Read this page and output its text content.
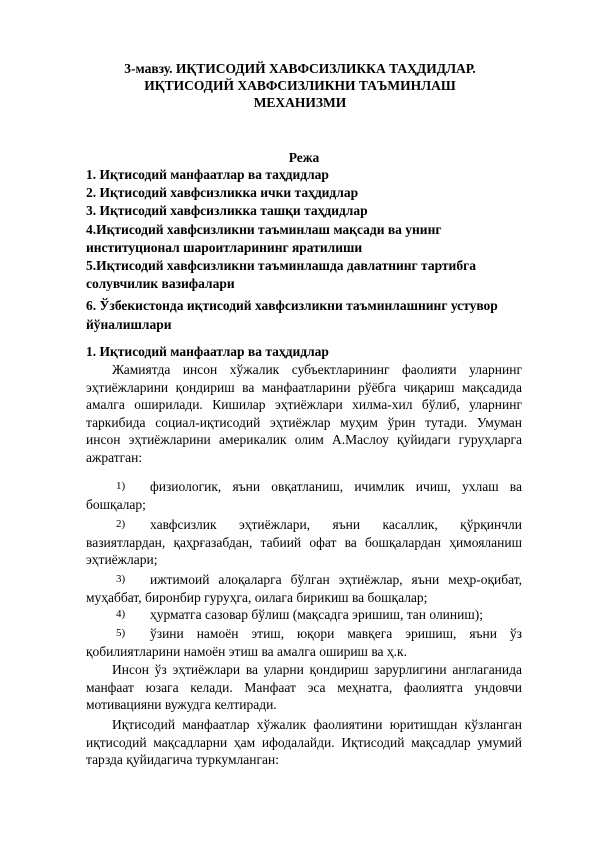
3-мавзу. ИҚТИСОДИЙ ХАВФСИЗЛИККА ТАҲДИДЛАР.
ИҚТИСОДИЙ ХАВФСИЗЛИКНИ ТАЪМИНЛАШ
МЕХАНИЗМИ
Режа
1. Иқтисодий манфаатлар ва таҳдидлар
2. Иқтисодий хавфсизликка ички таҳдидлар
3. Иқтисодий хавфсизликка ташқи таҳдидлар
4.Иқтисодий хавфсизликни таъминлаш мақсади ва унинг институционал шароитларининг яратилиши
5.Иқтисодий хавфсизликни таъминлашда давлатнинг тартибга солувчилик вазифалари
6. Ўзбекистонда иқтисодий хавфсизликни таъминлашнинг устувор йўналишлари
1. Иқтисодий манфаатлар ва таҳдидлар
Жамиятда инсон хўжалик субъектларининг фаолияти уларнинг эҳтиёжларини қондириш ва манфаатларини рўёбга чиқариш мақсадида амалга оширилади. Кишилар эҳтиёжлари хилма-хил бўлиб, уларнинг таркибида социал-иқтисодий эҳтиёжлар муҳим ўрин тутади. Умуман инсон эҳтиёжларини америкалик олим А.Маслоу қуйидаги гуруҳларга ажратган:
1)	физиологик, яъни овқатланиш, ичимлик ичиш, ухлаш ва бошқалар;
2)	хавфсизлик эҳтиёжлари, яъни касаллик, қўрқинчли вазиятлардан, қаҳрғазабдан, табиий офат ва бошқалардан ҳимояланиш эҳтиёжлари;
3)	ижтимоий алоқаларга бўлган эҳтиёжлар, яъни меҳр-оқибат, муҳаббат, биронбир гуруҳга, оилага бирикиш ва бошқалар;
4)	ҳурматга сазовар бўлиш (мақсадга эришиш, тан олиниш);
5)	ўзини намоён этиш, юқори мавқега эришиш, яъни ўз қобилиятларини намоён этиш ва амалга ошириш ва ҳ.к.
Инсон ўз эҳтиёжлари ва уларни қондириш зарурлигини англаганида манфаат юзага келади. Манфаат эса меҳнатга, фаолиятга ундовчи мотивацияни вужудга келтиради.
Иқтисодий манфаатлар хўжалик фаолиятини юритишдан кўзланган иқтисодий мақсадларни ҳам ифодалайди. Иқтисодий мақсадлар умумий тарзда қуйидагича туркумланган:
